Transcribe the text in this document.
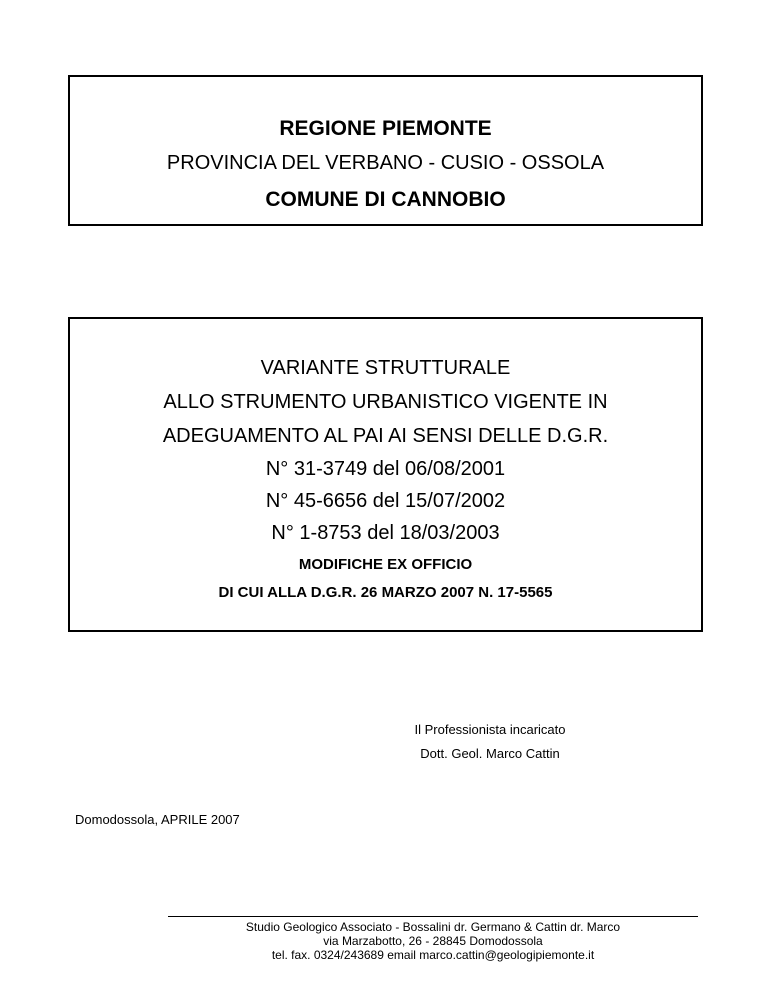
REGIONE PIEMONTE
PROVINCIA DEL VERBANO - CUSIO - OSSOLA
COMUNE DI CANNOBIO
VARIANTE STRUTTURALE
ALLO STRUMENTO URBANISTICO VIGENTE IN
ADEGUAMENTO AL PAI AI SENSI DELLE D.G.R.
N° 31-3749 del 06/08/2001
N° 45-6656 del 15/07/2002
N° 1-8753 del 18/03/2003
MODIFICHE EX OFFICIO
DI CUI ALLA D.G.R. 26 MARZO 2007 N. 17-5565
Il Professionista incaricato
Dott. Geol. Marco Cattin
Domodossola, APRILE 2007
Studio Geologico Associato - Bossalini dr. Germano & Cattin dr. Marco
via Marzabotto, 26 - 28845 Domodossola
tel. fax. 0324/243689 email marco.cattin@geologipiemonte.it
